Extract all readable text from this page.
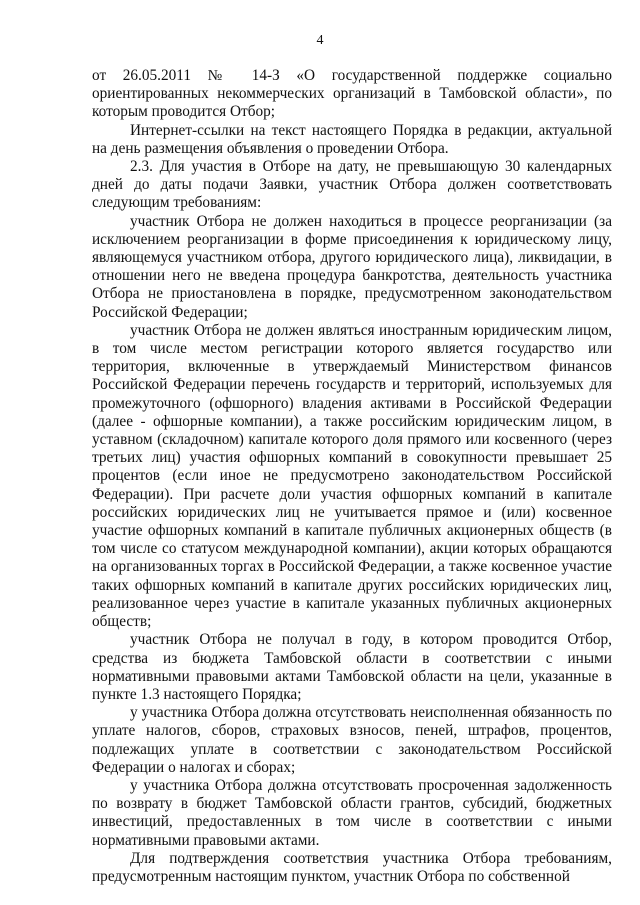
4

от 26.05.2011 № 14-З «О государственной поддержке социально ориентированных некоммерческих организаций в Тамбовской области», по которым проводится Отбор;

Интернет-ссылки на текст настоящего Порядка в редакции, актуальной на день размещения объявления о проведении Отбора.

2.3. Для участия в Отборе на дату, не превышающую 30 календарных дней до даты подачи Заявки, участник Отбора должен соответствовать следующим требованиям:

участник Отбора не должен находиться в процессе реорганизации (за исключением реорганизации в форме присоединения к юридическому лицу, являющемуся участником отбора, другого юридического лица), ликвидации, в отношении него не введена процедура банкротства, деятельность участника Отбора не приостановлена в порядке, предусмотренном законодательством Российской Федерации;

участник Отбора не должен являться иностранным юридическим лицом, в том числе местом регистрации которого является государство или территория, включенные в утверждаемый Министерством финансов Российской Федерации перечень государств и территорий, используемых для промежуточного (офшорного) владения активами в Российской Федерации (далее - офшорные компании), а также российским юридическим лицом, в уставном (складочном) капитале которого доля прямого или косвенного (через третьих лиц) участия офшорных компаний в совокупности превышает 25 процентов (если иное не предусмотрено законодательством Российской Федерации). При расчете доли участия офшорных компаний в капитале российских юридических лиц не учитывается прямое и (или) косвенное участие офшорных компаний в капитале публичных акционерных обществ (в том числе со статусом международной компании), акции которых обращаются на организованных торгах в Российской Федерации, а также косвенное участие таких офшорных компаний в капитале других российских юридических лиц, реализованное через участие в капитале указанных публичных акционерных обществ;

участник Отбора не получал в году, в котором проводится Отбор, средства из бюджета Тамбовской области в соответствии с иными нормативными правовыми актами Тамбовской области на цели, указанные в пункте 1.3 настоящего Порядка;

у участника Отбора должна отсутствовать неисполненная обязанность по уплате налогов, сборов, страховых взносов, пеней, штрафов, процентов, подлежащих уплате в соответствии с законодательством Российской Федерации о налогах и сборах;

у участника Отбора должна отсутствовать просроченная задолженность по возврату в бюджет Тамбовской области грантов, субсидий, бюджетных инвестиций, предоставленных в том числе в соответствии с иными нормативными правовыми актами.

Для подтверждения соответствия участника Отбора требованиям, предусмотренным настоящим пунктом, участник Отбора по собственной
